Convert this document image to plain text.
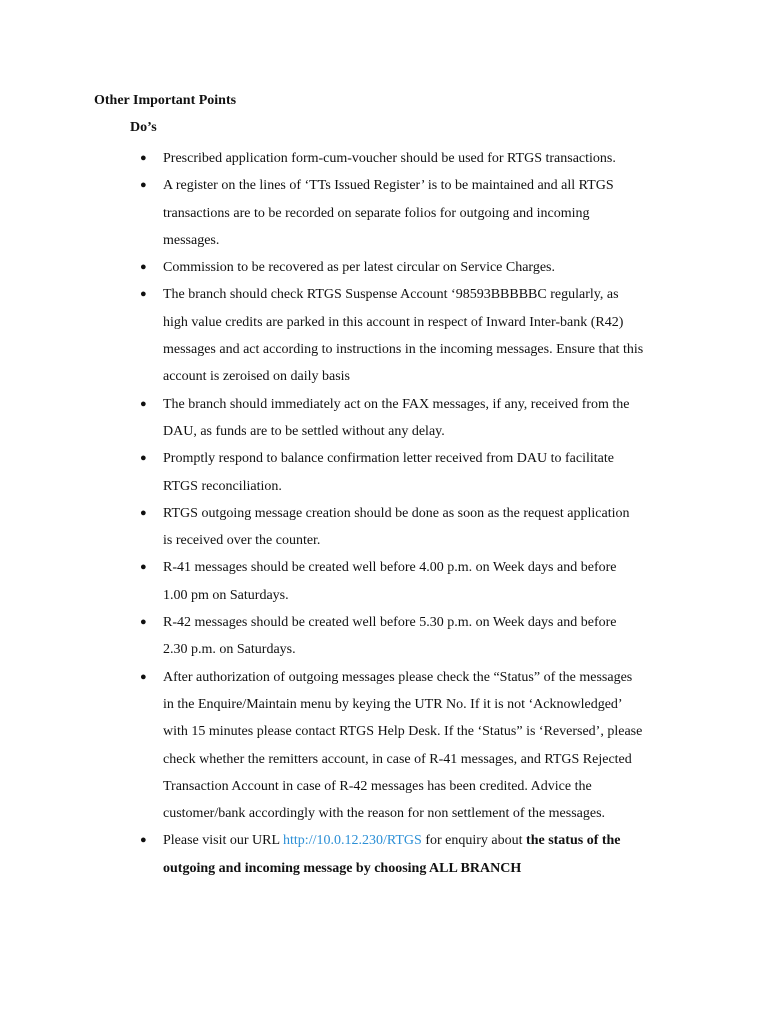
Other Important Points

Do’s

● Prescribed application form-cum-voucher should be used for RTGS transactions.
● A register on the lines of ‘TTs Issued Register’ is to be maintained and all RTGS
transactions are to be recorded on separate folios for outgoing and incoming
messages.
● Commission to be recovered as per latest circular on Service Charges.
● The branch should check RTGS Suspense Account ‘98593BBBBBC regularly, as
high value credits are parked in this account in respect of Inward Inter-bank (R42)
messages and act according to instructions in the incoming messages. Ensure that this
account is zeroised on daily basis
● The branch should immediately act on the FAX messages, if any, received from the
DAU, as funds are to be settled without any delay.
● Promptly respond to balance confirmation letter received from DAU to facilitate
RTGS reconciliation.
● RTGS outgoing message creation should be done as soon as the request application
is received over the counter.
● R-41 messages should be created well before 4.00 p.m. on Week days and before
1.00 pm on Saturdays.
● R-42 messages should be created well before 5.30 p.m. on Week days and before
2.30 p.m. on Saturdays.
● After authorization of outgoing messages please check the “Status” of the messages
in the Enquire/Maintain menu by keying the UTR No. If it is not ‘Acknowledged’
with 15 minutes please contact RTGS Help Desk. If the ‘Status” is ‘Reversed’, please
check whether the remitters account, in case of R-41 messages, and RTGS Rejected
Transaction Account in case of R-42 messages has been credited. Advice the
customer/bank accordingly with the reason for non settlement of the messages.
● Please visit our URL http://10.0.12.230/RTGS for enquiry about the status of the
outgoing and incoming message by choosing ALL BRANCH
